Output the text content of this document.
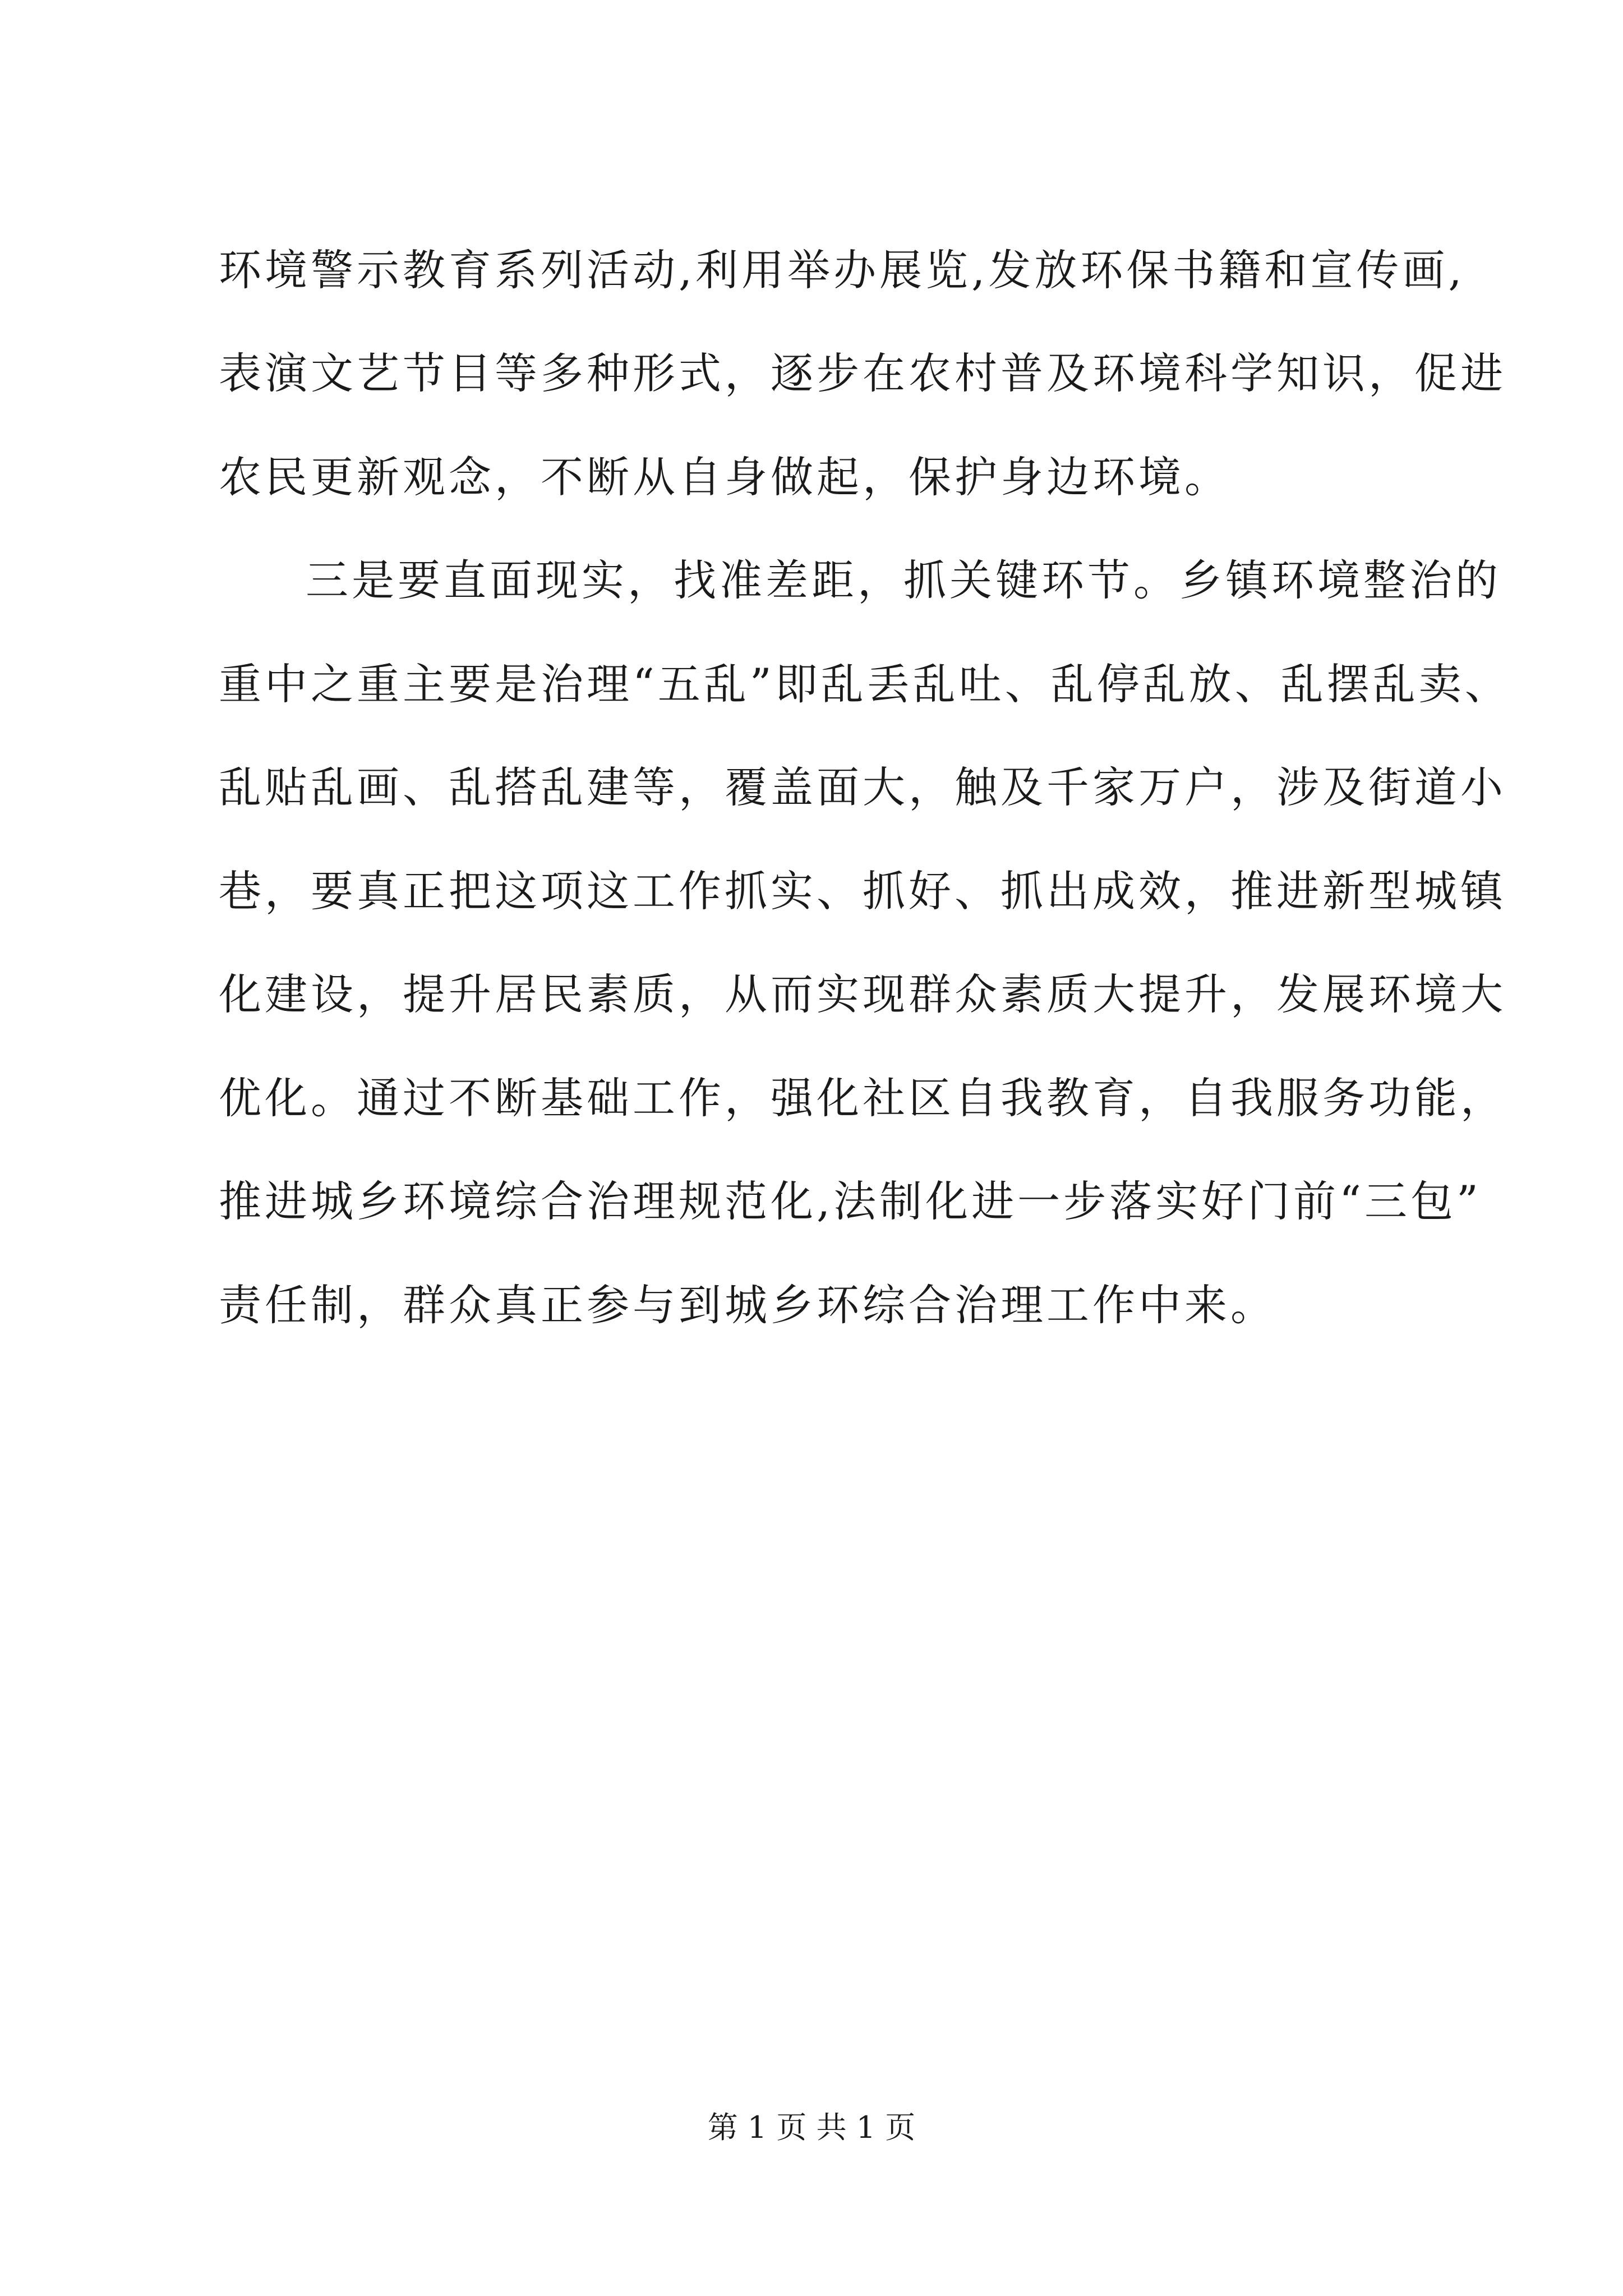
环境警示教育系列活动,利用举办展览,发放环保书籍和宣传画,
表演文艺节目等多种形式，逐步在农村普及环境科学知识，促进
农民更新观念，不断从自身做起，保护身边环境。
三是要直面现实，找准差距，抓关键环节。乡镇环境整治的
重中之重主要是治理“五乱”即乱丢乱吐、乱停乱放、乱摆乱卖、
乱贴乱画、乱搭乱建等，覆盖面大，触及千家万户，涉及街道小
巷，要真正把这项这工作抓实、抓好、抓出成效，推进新型城镇
化建设，提升居民素质，从而实现群众素质大提升，发展环境大
优化。通过不断基础工作，强化社区自我教育，自我服务功能，
推进城乡环境综合治理规范化,法制化进一步落实好门前“三包”
责任制，群众真正参与到城乡环综合治理工作中来。
第 1 页 共 1 页
